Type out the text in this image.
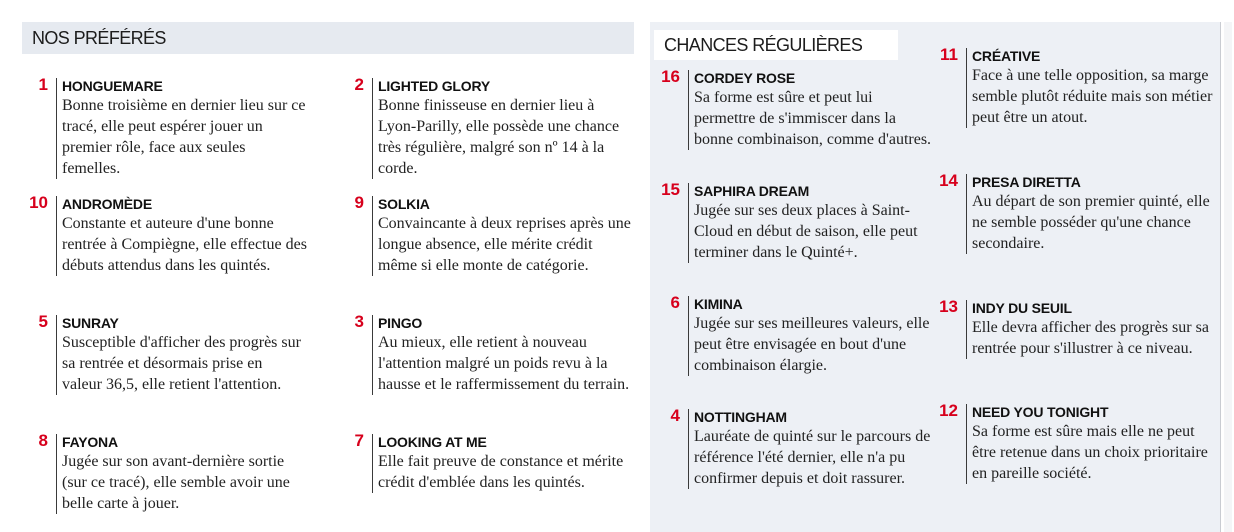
NOS PRÉFÉRÉS
1 HONGUEMARE
Bonne troisième en dernier lieu sur ce tracé, elle peut espérer jouer un premier rôle, face aux seules femelles.
2 LIGHTED GLORY
Bonne finisseuse en dernier lieu à Lyon-Parilly, elle possède une chance très régulière, malgré son nº 14 à la corde.
10 ANDROMÈDE
Constante et auteure d'une bonne rentrée à Compiègne, elle effectue des débuts attendus dans les quintés.
9 SOLKIA
Convaincante à deux reprises après une longue absence, elle mérite crédit même si elle monte de catégorie.
5 SUNRAY
Susceptible d'afficher des progrès sur sa rentrée et désormais prise en valeur 36,5, elle retient l'attention.
3 PINGO
Au mieux, elle retient à nouveau l'attention malgré un poids revu à la hausse et le raffermissement du terrain.
8 FAYONA
Jugée sur son avant-dernière sortie (sur ce tracé), elle semble avoir une belle carte à jouer.
7 LOOKING AT ME
Elle fait preuve de constance et mérite crédit d'emblée dans les quintés.
CHANCES RÉGULIÈRES
16 CORDEY ROSE
Sa forme est sûre et peut lui permettre de s'immiscer dans la bonne combinaison, comme d'autres.
15 SAPHIRA DREAM
Jugée sur ses deux places à Saint-Cloud en début de saison, elle peut terminer dans le Quinté+.
6 KIMINA
Jugée sur ses meilleures valeurs, elle peut être envisagée en bout d'une combinaison élargie.
4 NOTTINGHAM
Lauréate de quinté sur le parcours de référence l'été dernier, elle n'a pu confirmer depuis et doit rassurer.
11 CRÉATIVE
Face à une telle opposition, sa marge semble plutôt réduite mais son métier peut être un atout.
14 PRESA DIRETTA
Au départ de son premier quinté, elle ne semble posséder qu'une chance secondaire.
13 INDY DU SEUIL
Elle devra afficher des progrès sur sa rentrée pour s'illustrer à ce niveau.
12 NEED YOU TONIGHT
Sa forme est sûre mais elle ne peut être retenue dans un choix prioritaire en pareille société.
